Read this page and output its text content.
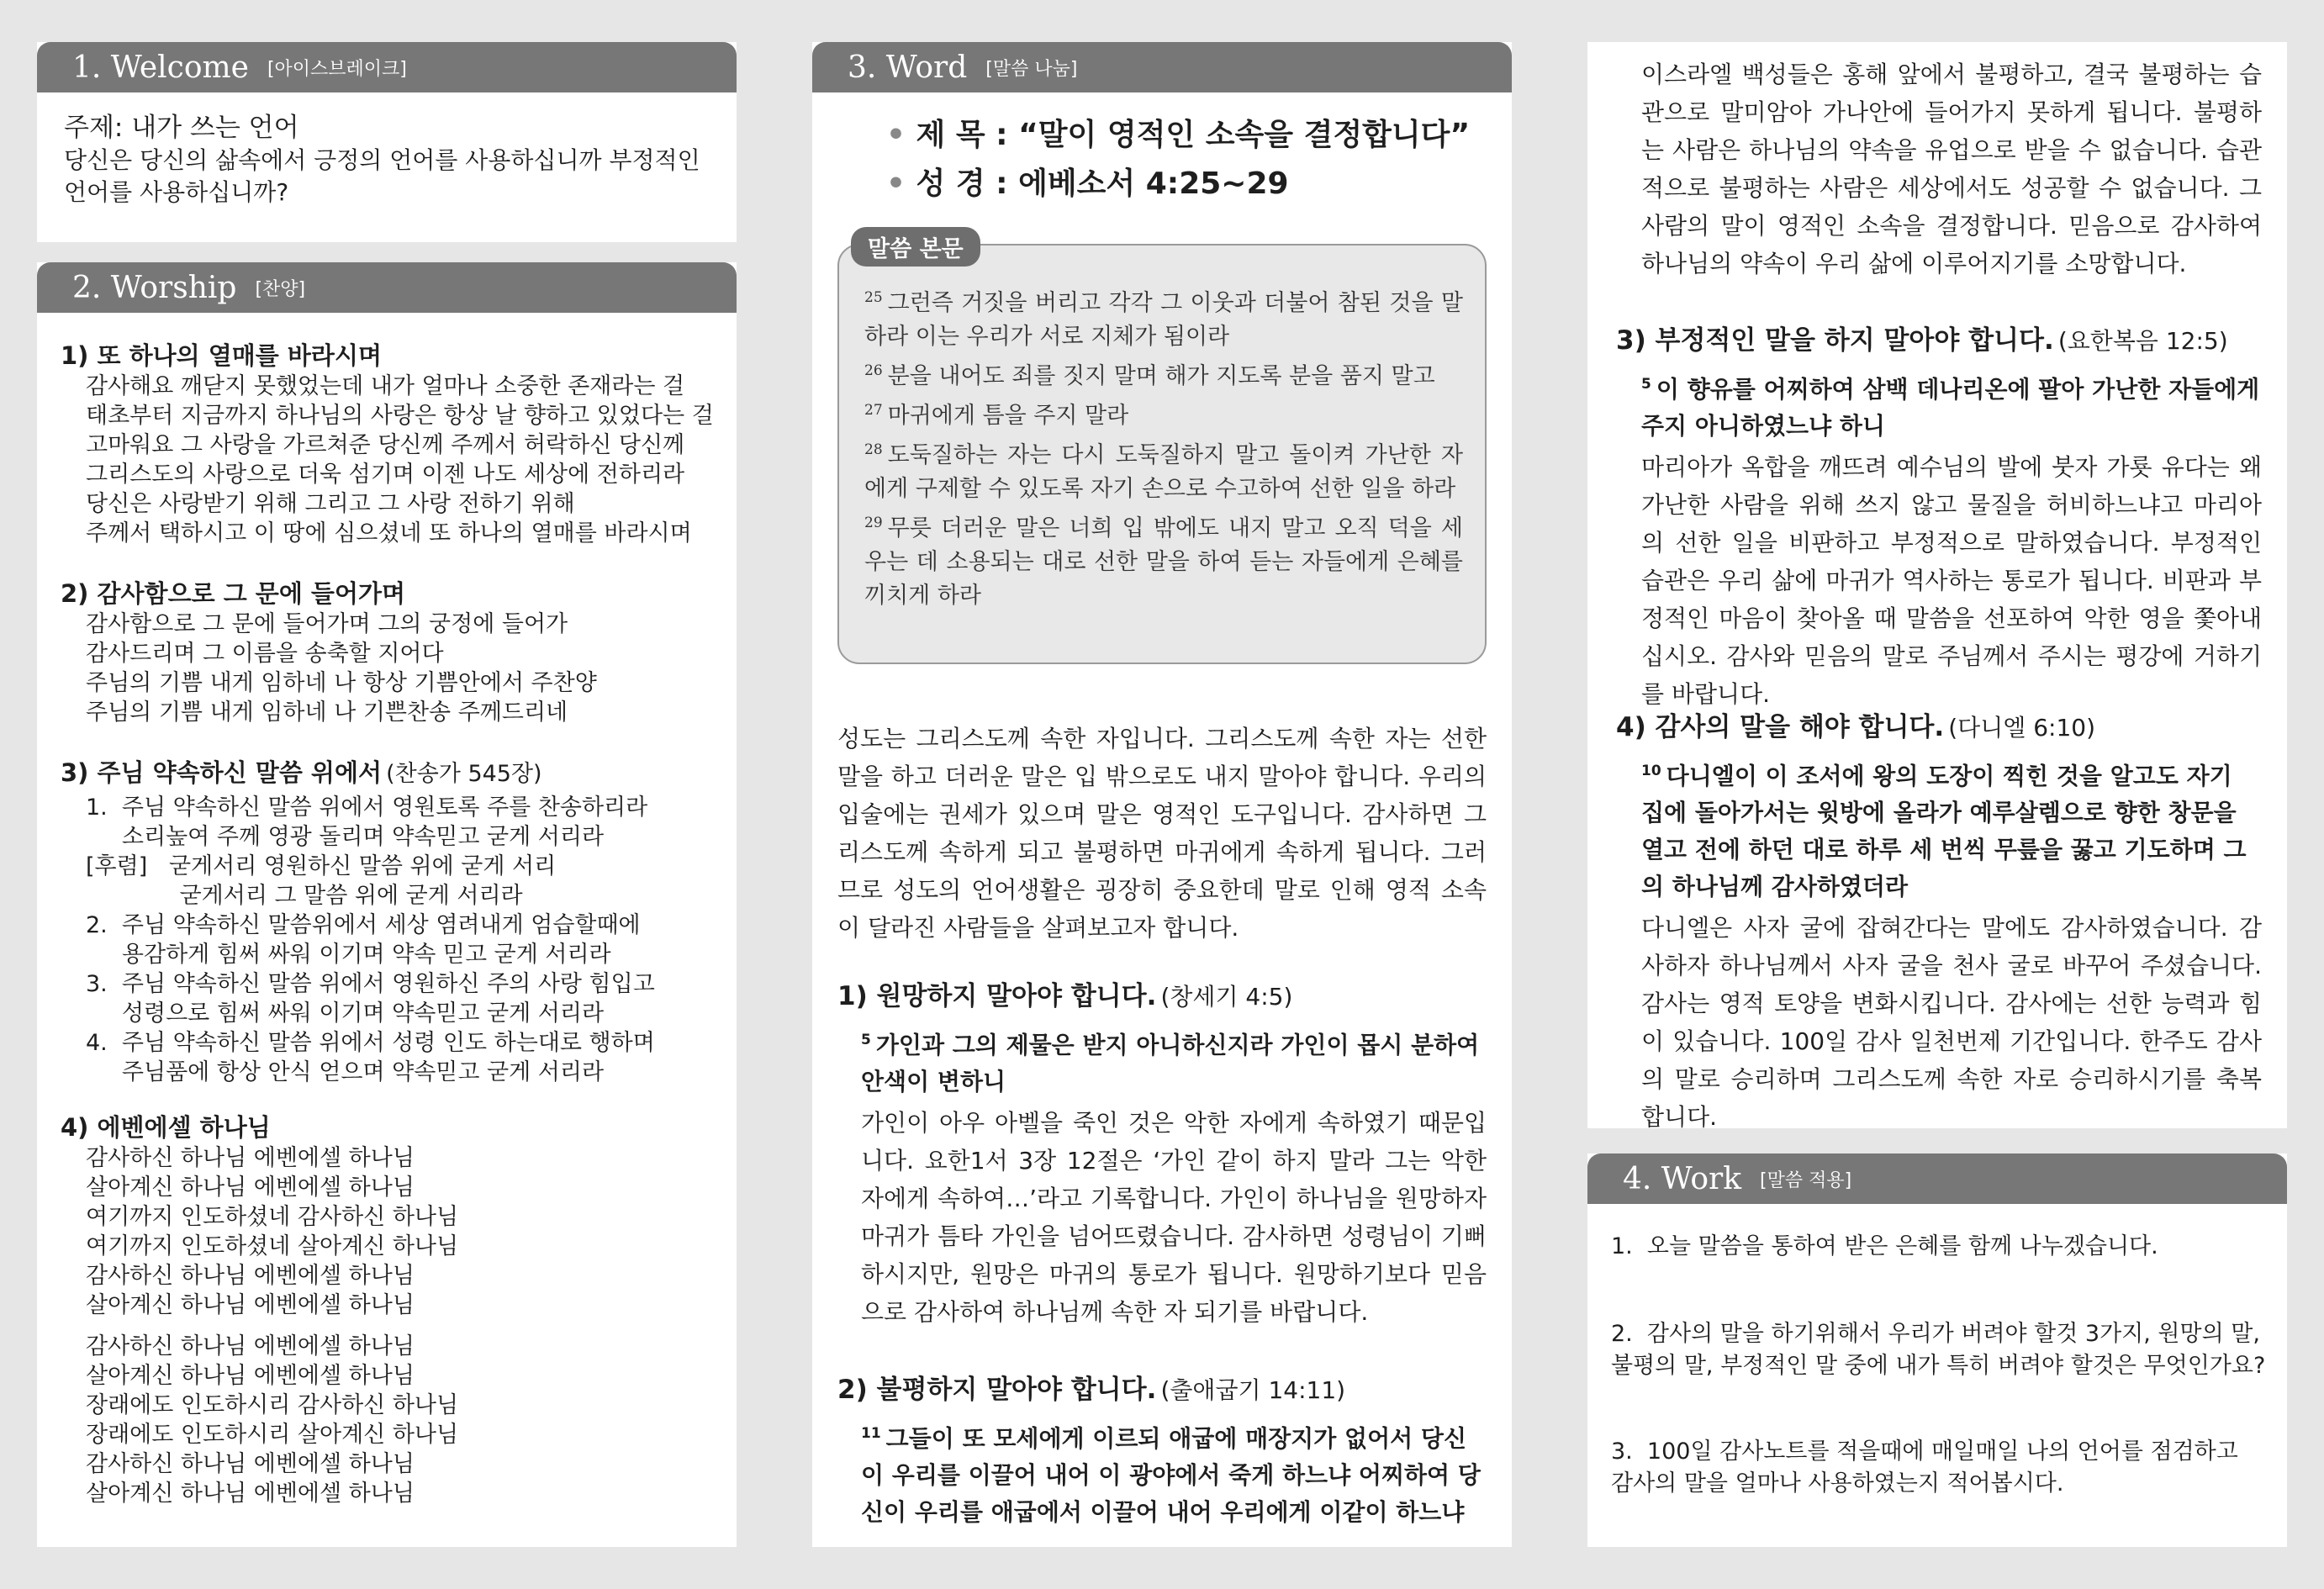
1. Welcome [아이스브레이크]
주제: 내가 쓰는 언어
당신은 당신의 삶속에서 긍정의 언어를 사용하십니까 부정적인 언어를 사용하십니까?
2. Worship [찬양]
1) 또 하나의 열매를 바라시며
감사해요 깨닫지 못했었는데 내가 얼마나 소중한 존재라는 걸
태초부터 지금까지 하나님의 사랑은 항상 날 향하고 있었다는 걸
고마워요 그 사랑을 가르쳐준 당신께 주께서 허락하신 당신께
그리스도의 사랑으로 더욱 섬기며 이젠 나도 세상에 전하리라
당신은 사랑받기 위해 그리고 그 사랑 전하기 위해
주께서 택하시고 이 땅에 심으셨네 또 하나의 열매를 바라시며
2) 감사함으로 그 문에 들어가며
감사함으로 그 문에 들어가며 그의 궁정에 들어가
감사드리며 그 이름을 송축할 지어다
주님의 기쁨 내게 임하네 나 항상 기쁨안에서 주찬양
주님의 기쁨 내게 임하네 나 기쁜찬송 주께드리네
3) 주님 약속하신 말씀 위에서 (찬송가 545장)
1.  주님 약속하신 말씀 위에서 영원토록 주를 찬송하리라
소리높여 주께 영광 돌리며 약속믿고 굳게 서리라
[후렴]   굳게서리 영원하신 말씀 위에 굳게 서리
굳게서리 그 말씀 위에 굳게 서리라
2.  주님 약속하신 말씀위에서 세상 염려내게 엄습할때에
용감하게 힘써 싸워 이기며 약속 믿고 굳게 서리라
3.  주님 약속하신 말씀 위에서 영원하신 주의 사랑 힘입고
성령으로 힘써 싸워 이기며 약속믿고 굳게 서리라
4.  주님 약속하신 말씀 위에서 성령 인도 하는대로 행하며
주님품에 항상 안식 얻으며 약속믿고 굳게 서리라
4) 에벤에셀 하나님
감사하신 하나님 에벤에셀 하나님
살아계신 하나님 에벤에셀 하나님
여기까지 인도하셨네 감사하신 하나님
여기까지 인도하셨네 살아계신 하나님
감사하신 하나님 에벤에셀 하나님
살아계신 하나님 에벤에셀 하나님
감사하신 하나님 에벤에셀 하나님
살아계신 하나님 에벤에셀 하나님
장래에도 인도하시리 감사하신 하나님
장래에도 인도하시리 살아계신 하나님
감사하신 하나님 에벤에셀 하나님
살아계신 하나님 에벤에셀 하나님
3. Word [말씀 나눔]
• 제 목 : “말이 영적인 소속을 결정합니다”
• 성 경 : 에베소서 4:25~29
말씀 본문
$^{25}$ 그런즉 거짓을 버리고 각각 그 이웃과 더불어 참된 것을 말하라 이는 우리가 서로 지체가 됨이라
$^{26}$ 분을 내어도 죄를 짓지 말며 해가 지도록 분을 품지 말고
$^{27}$ 마귀에게 틈을 주지 말라
$^{28}$ 도둑질하는 자는 다시 도둑질하지 말고 돌이켜 가난한 자에게 구제할 수 있도록 자기 손으로 수고하여 선한 일을 하라
$^{29}$ 무릇 더러운 말은 너희 입 밖에도 내지 말고 오직 덕을 세우는 데 소용되는 대로 선한 말을 하여 듣는 자들에게 은혜를 끼치게 하라
성도는 그리스도께 속한 자입니다. 그리스도께 속한 자는 선한 말을 하고 더러운 말은 입 밖으로도 내지 말아야 합니다. 우리의 입술에는 권세가 있으며 말은 영적인 도구입니다. 감사하면 그리스도께 속하게 되고 불평하면 마귀에게 속하게 됩니다. 그러므로 성도의 언어생활은 굉장히 중요한데 말로 인해 영적 소속이 달라진 사람들을 살펴보고자 합니다.
1) 원망하지 말아야 합니다. (창세기 4:5)
$^5$ 가인과 그의 제물은 받지 아니하신지라 가인이 몹시 분하여 안색이 변하니
가인이 아우 아벨을 죽인 것은 악한 자에게 속하였기 때문입니다. 요한1서 3장 12절은 ‘가인 같이 하지 말라 그는 악한 자에게 속하여…’라고 기록합니다. 가인이 하나님을 원망하자 마귀가 틈타 가인을 넘어뜨렸습니다. 감사하면 성령님이 기뻐하시지만, 원망은 마귀의 통로가 됩니다. 원망하기보다 믿음으로 감사하여 하나님께 속한 자 되기를 바랍니다.
2) 불평하지 말아야 합니다. (출애굽기 14:11)
$^{11}$ 그들이 또 모세에게 이르되 애굽에 매장지가 없어서 당신이 우리를 이끌어 내어 이 광야에서 죽게 하느냐 어찌하여 당신이 우리를 애굽에서 이끌어 내어 우리에게 이같이 하느냐
이스라엘 백성들은 홍해 앞에서 불평하고, 결국 불평하는 습관으로 말미암아 가나안에 들어가지 못하게 됩니다. 불평하는 사람은 하나님의 약속을 유업으로 받을 수 없습니다. 습관적으로 불평하는 사람은 세상에서도 성공할 수 없습니다. 그 사람의 말이 영적인 소속을 결정합니다. 믿음으로 감사하여 하나님의 약속이 우리 삶에 이루어지기를 소망합니다.
3) 부정적인 말을 하지 말아야 합니다. (요한복음 12:5)
$^5$ 이 향유를 어찌하여 삼백 데나리온에 팔아 가난한 자들에게 주지 아니하였느냐 하니
마리아가 옥합을 깨뜨려 예수님의 발에 붓자 가룟 유다는 왜 가난한 사람을 위해 쓰지 않고 물질을 허비하느냐고 마리아의 선한 일을 비판하고 부정적으로 말하였습니다. 부정적인 습관은 우리 삶에 마귀가 역사하는 통로가 됩니다. 비판과 부정적인 마음이 찾아올 때 말씀을 선포하여 악한 영을 쫓아내십시오. 감사와 믿음의 말로 주님께서 주시는 평강에 거하기를 바랍니다.
4) 감사의 말을 해야 합니다. (다니엘 6:10)
$^{10}$ 다니엘이 이 조서에 왕의 도장이 찍힌 것을 알고도 자기 집에 돌아가서는 윗방에 올라가 예루살렘으로 향한 창문을 열고 전에 하던 대로 하루 세 번씩 무릎을 꿇고 기도하며 그의 하나님께 감사하였더라
다니엘은 사자 굴에 잡혀간다는 말에도 감사하였습니다. 감사하자 하나님께서 사자 굴을 천사 굴로 바꾸어 주셨습니다. 감사는 영적 토양을 변화시킵니다. 감사에는 선한 능력과 힘이 있습니다. 100일 감사 일천번제 기간입니다. 한주도 감사의 말로 승리하며 그리스도께 속한 자로 승리하시기를 축복합니다.
4. Work [말씀 적용]
1.  오늘 말씀을 통하여 받은 은혜를 함께 나누겠습니다.
2.  감사의 말을 하기위해서 우리가 버려야 할것 3가지, 원망의 말, 불평의 말, 부정적인 말 중에 내가 특히 버려야 할것은 무엇인가요?
3.  100일 감사노트를 적을때에 매일매일 나의 언어를 점검하고 감사의 말을 얼마나 사용하였는지 적어봅시다.
